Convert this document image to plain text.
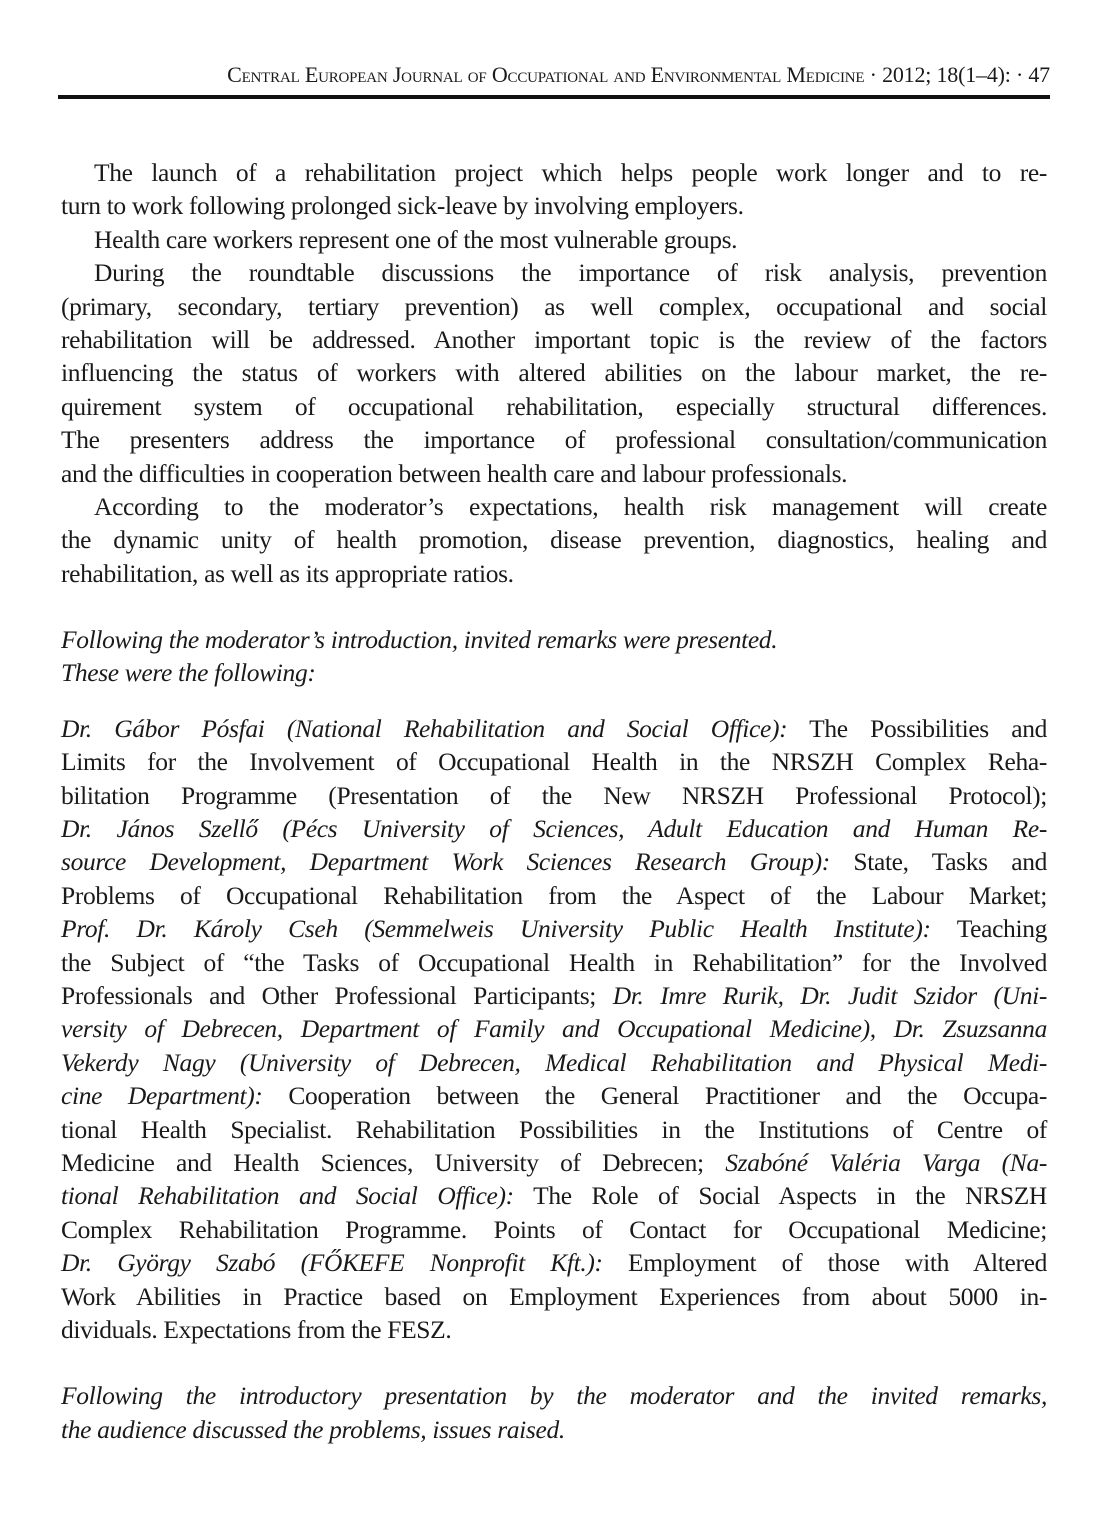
Central European Journal of Occupational and Environmental Medicine · 2012; 18(1–4): · 47
The launch of a rehabilitation project which helps people work longer and to re-
turn to work following prolonged sick-leave by involving employers.
Health care workers represent one of the most vulnerable groups.
During the roundtable discussions the importance of risk analysis, prevention
(primary, secondary, tertiary prevention) as well complex, occupational and social
rehabilitation will be addressed. Another important topic is the review of the factors
influencing the status of workers with altered abilities on the labour market, the re-
quirement system of occupational rehabilitation, especially structural differences.
The presenters address the importance of professional consultation/communication
and the difficulties in cooperation between health care and labour professionals.
According to the moderator’s expectations, health risk management will create
the dynamic unity of health promotion, disease prevention, diagnostics, healing and
rehabilitation, as well as its appropriate ratios.
Following the moderator’s introduction, invited remarks were presented.
These were the following:
Dr. Gábor Pósfai (National Rehabilitation and Social Office): The Possibilities and
Limits for the Involvement of Occupational Health in the NRSZH Complex Reha-
bilitation Programme (Presentation of the New NRSZH Professional Protocol);
Dr. János Szellő (Pécs University of Sciences, Adult Education and Human Re-
source Development, Department Work Sciences Research Group): State, Tasks and
Problems of Occupational Rehabilitation from the Aspect of the Labour Market;
Prof. Dr. Károly Cseh (Semmelweis University Public Health Institute): Teaching
the Subject of “the Tasks of Occupational Health in Rehabilitation” for the Involved
Professionals and Other Professional Participants; Dr. Imre Rurik, Dr. Judit Szidor (Uni-
versity of Debrecen, Department of Family and Occupational Medicine), Dr. Zsuzsanna
Vekerdy Nagy (University of Debrecen, Medical Rehabilitation and Physical Medi-
cine Department): Cooperation between the General Practitioner and the Occupa-
tional Health Specialist. Rehabilitation Possibilities in the Institutions of Centre of
Medicine and Health Sciences, University of Debrecen; Szabóné Valéria Varga (Na-
tional Rehabilitation and Social Office): The Role of Social Aspects in the NRSZH
Complex Rehabilitation Programme. Points of Contact for Occupational Medicine;
Dr. György Szabó (FŐKEFE Nonprofit Kft.): Employment of those with Altered
Work Abilities in Practice based on Employment Experiences from about 5000 in-
dividuals. Expectations from the FESZ.
Following the introductory presentation by the moderator and the invited remarks,
the audience discussed the problems, issues raised.
